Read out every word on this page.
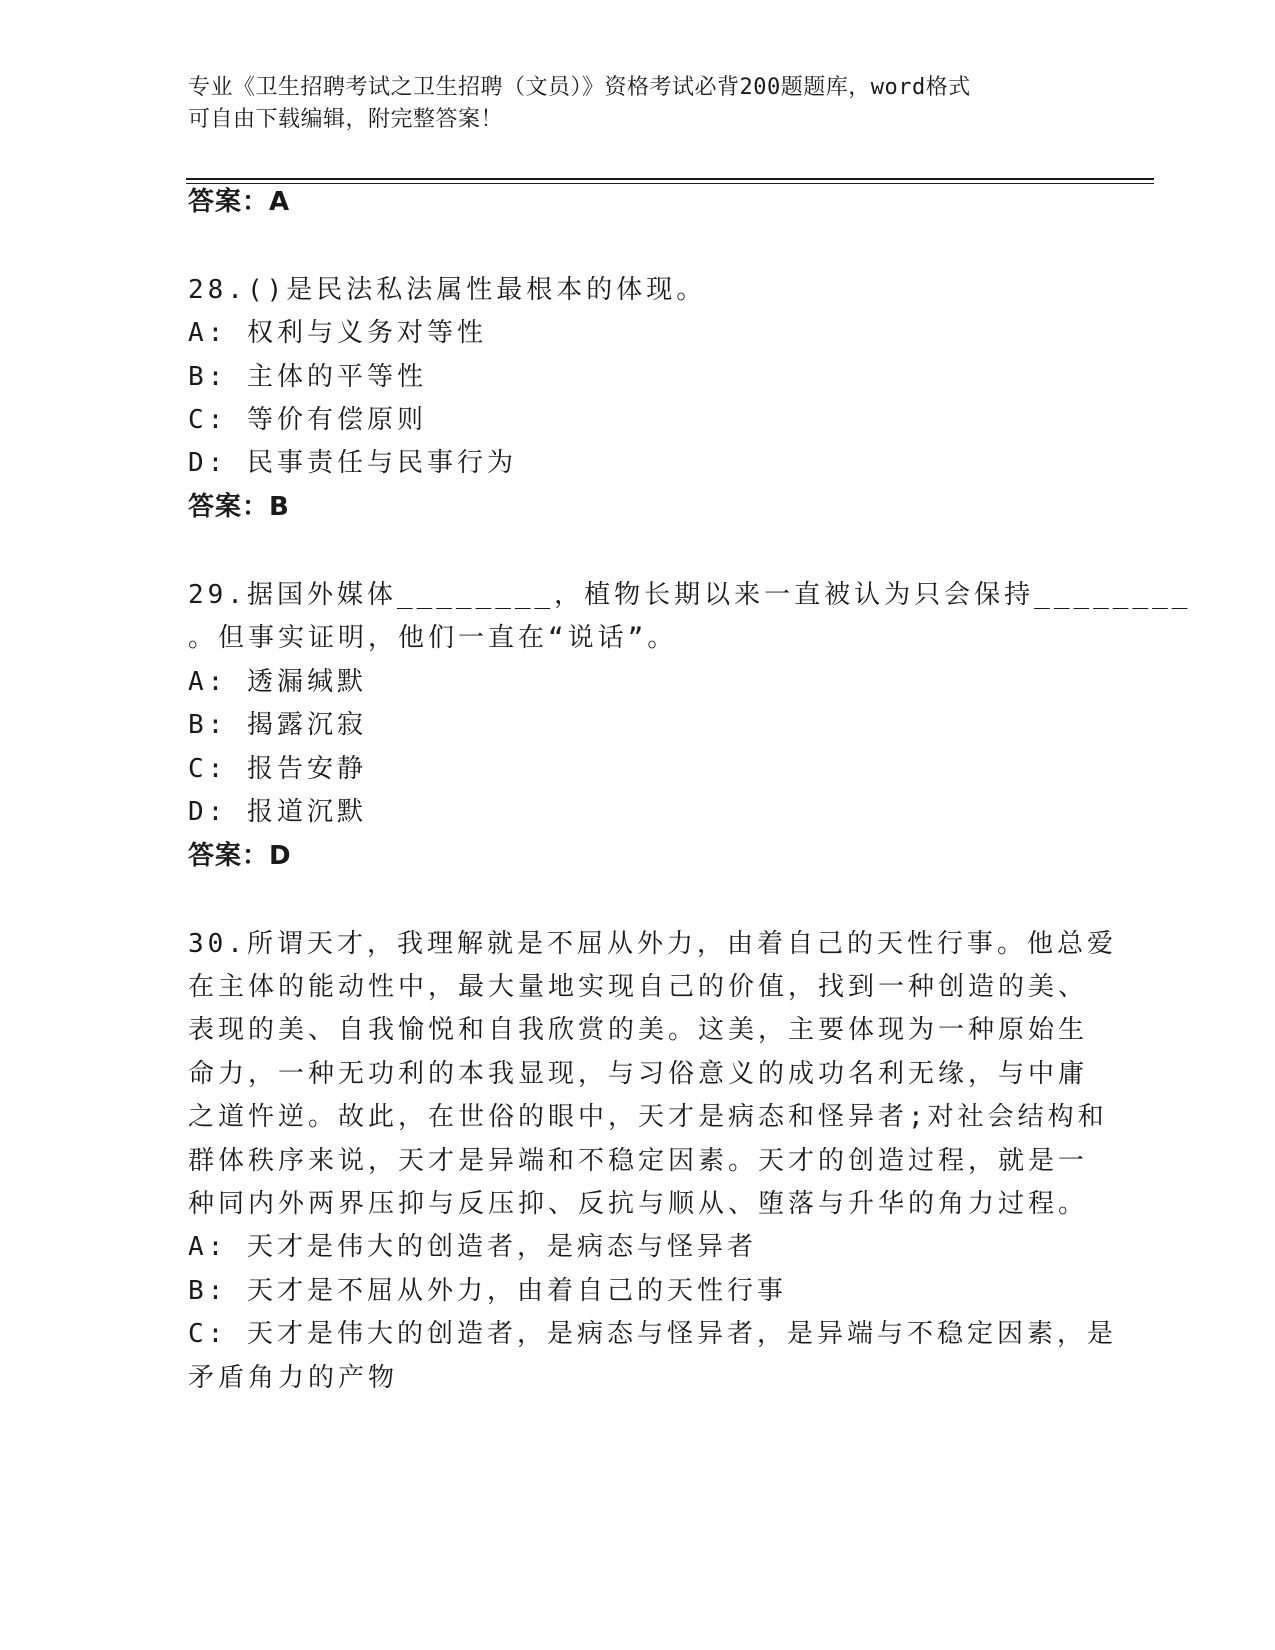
专业《卫生招聘考试之卫生招聘（文员）》资格考试必背200题题库，word格式
可自由下载编辑，附完整答案！
答案：A
28.()是民法私法属性最根本的体现。
A: 权利与义务对等性
B: 主体的平等性
C: 等价有偿原则
D: 民事责任与民事行为
答案：B
29.据国外媒体________，植物长期以来一直被认为只会保持________
。但事实证明，他们一直在“说话”。
A: 透漏缄默
B: 揭露沉寂
C: 报告安静
D: 报道沉默
答案：D
30.所谓天才，我理解就是不屈从外力，由着自己的天性行事。他总爱
在主体的能动性中，最大量地实现自己的价值，找到一种创造的美、
表现的美、自我愉悦和自我欣赏的美。这美，主要体现为一种原始生
命力，一种无功利的本我显现，与习俗意义的成功名利无缘，与中庸
之道忤逆。故此，在世俗的眼中，天才是病态和怪异者;对社会结构和
群体秩序来说，天才是异端和不稳定因素。天才的创造过程，就是一
种同内外两界压抑与反压抑、反抗与顺从、堕落与升华的角力过程。
A: 天才是伟大的创造者，是病态与怪异者
B: 天才是不屈从外力，由着自己的天性行事
C: 天才是伟大的创造者，是病态与怪异者，是异端与不稳定因素，是
矛盾角力的产物
